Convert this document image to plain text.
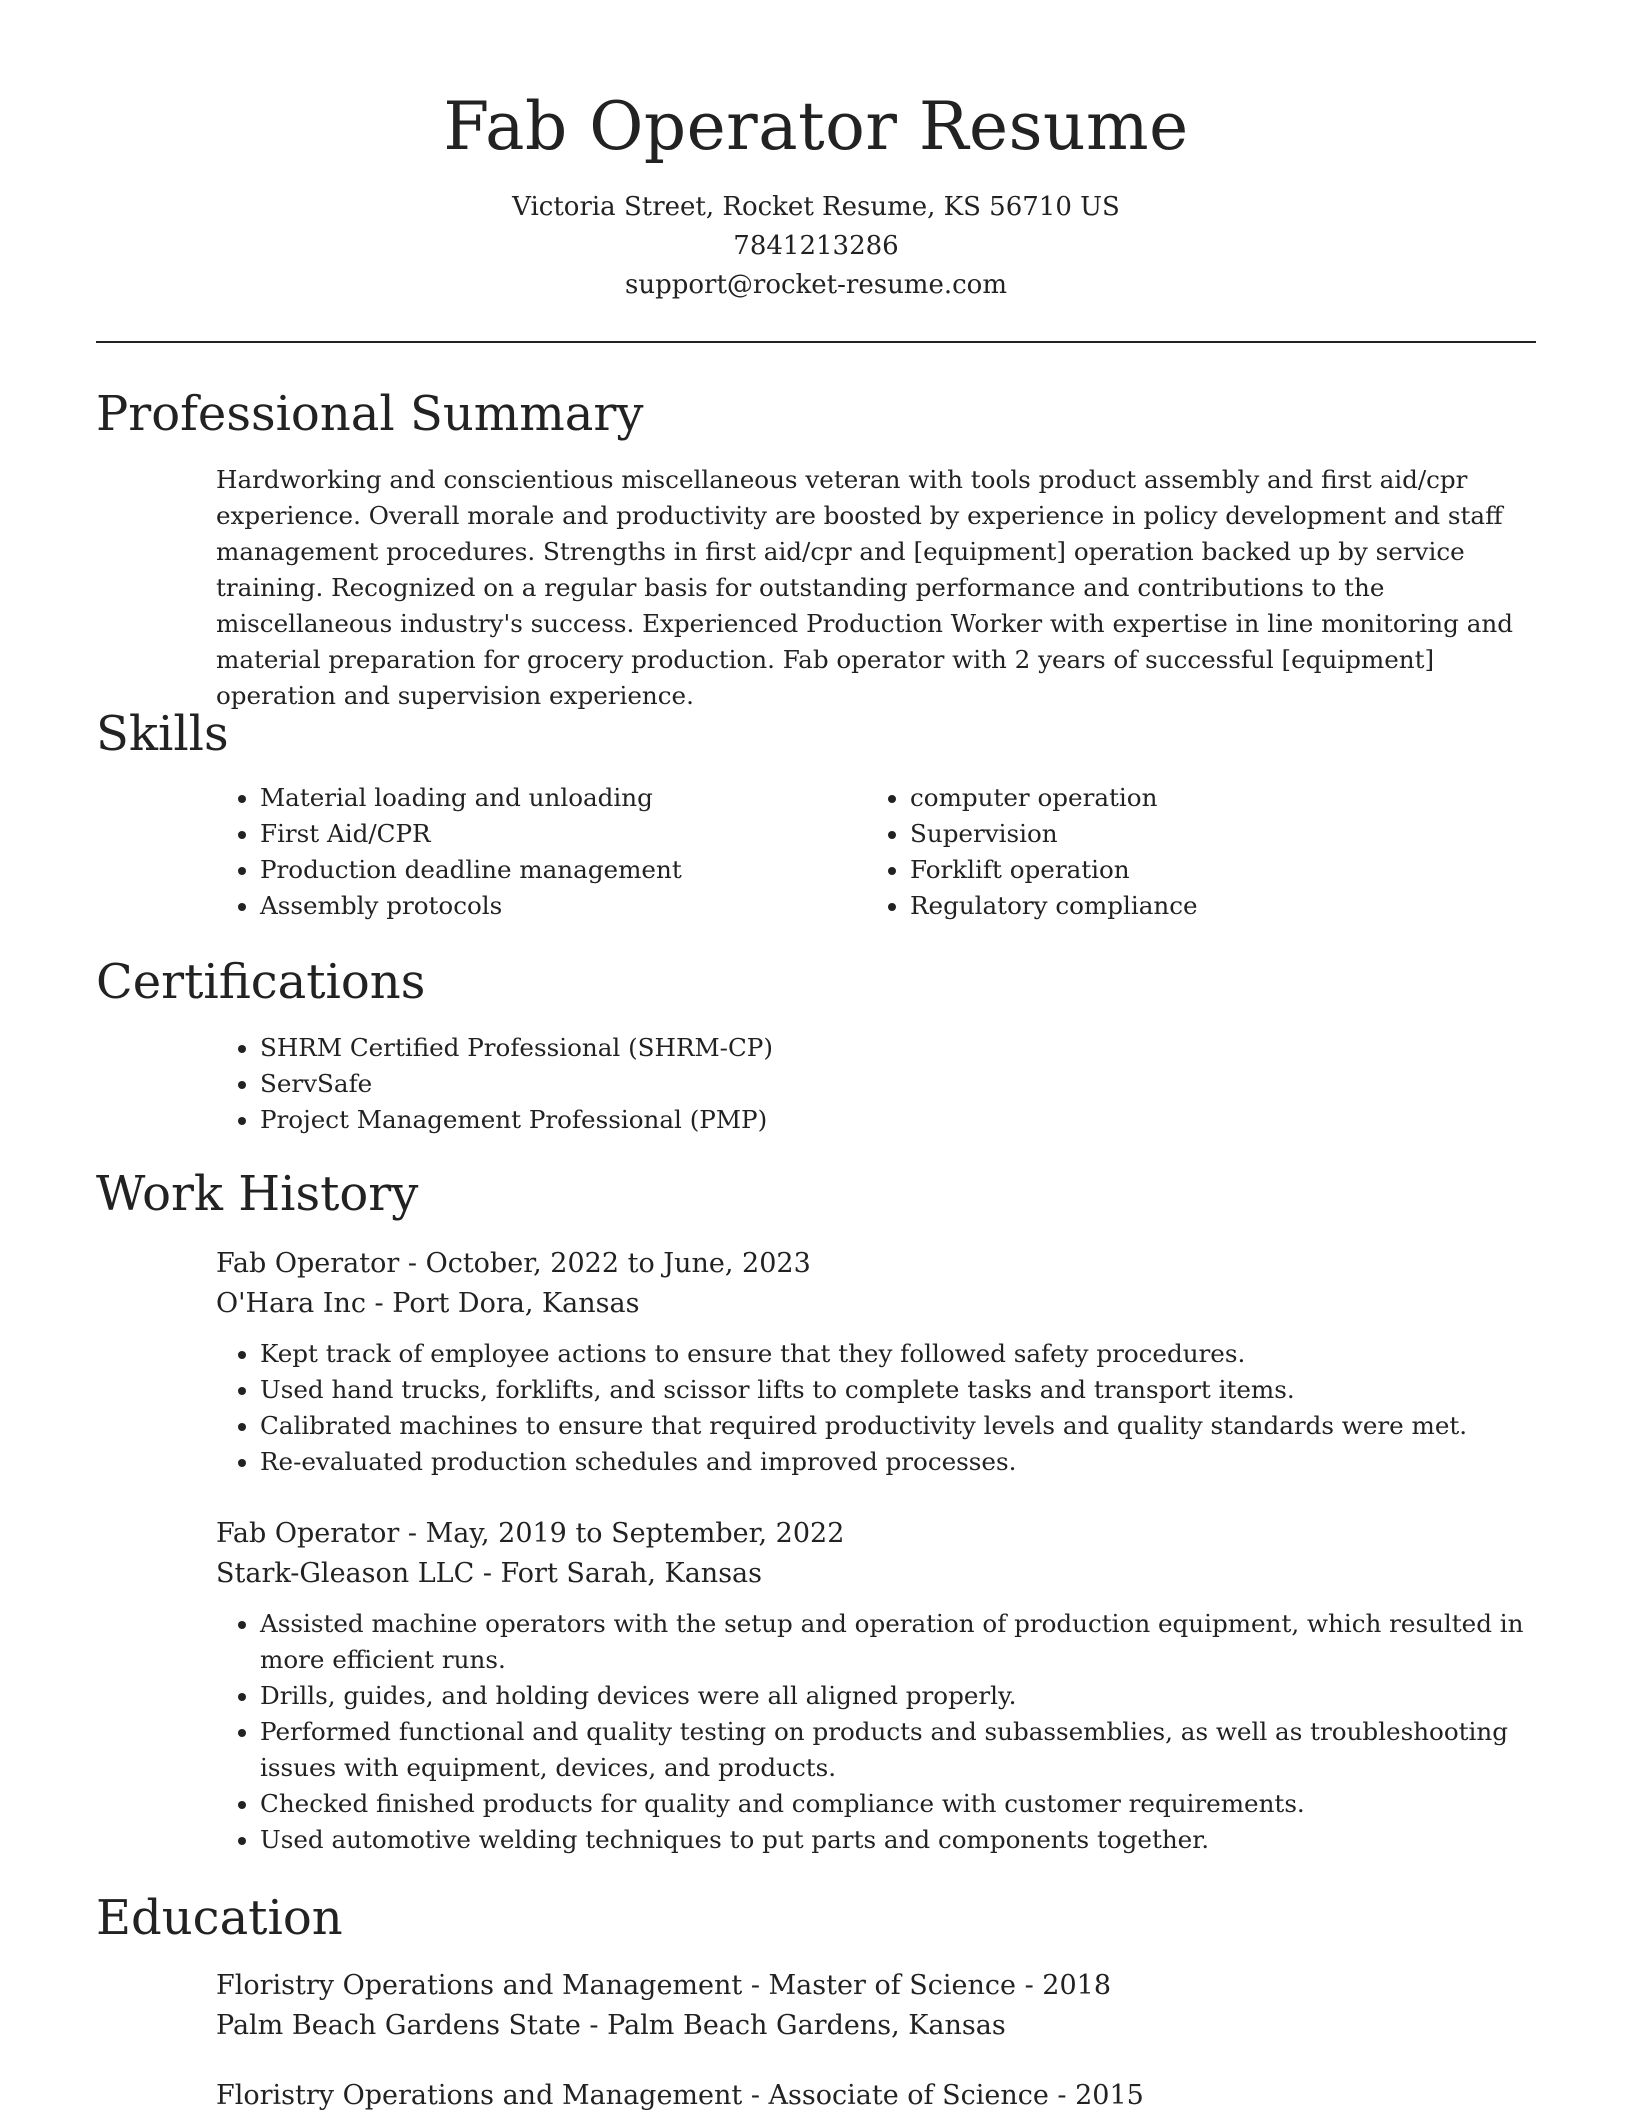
Fab Operator Resume
Victoria Street, Rocket Resume, KS 56710 US
7841213286
support@rocket-resume.com
Professional Summary

Hardworking and conscientious miscellaneous veteran with tools product assembly and first aid/cpr experience. Overall morale and productivity are boosted by experience in policy development and staff management procedures. Strengths in first aid/cpr and [equipment] operation backed up by service training. Recognized on a regular basis for outstanding performance and contributions to the miscellaneous industry's success. Experienced Production Worker with expertise in line monitoring and material preparation for grocery production. Fab operator with 2 years of successful [equipment] operation and supervision experience.

Skills
• Material loading and unloading
• First Aid/CPR
• Production deadline management
• Assembly protocols
• computer operation
• Supervision
• Forklift operation
• Regulatory compliance
Certifications
• SHRM Certified Professional (SHRM-CP)
• ServSafe
• Project Management Professional (PMP)
Work History
Fab Operator - October, 2022 to June, 2023
O'Hara Inc - Port Dora, Kansas
• Kept track of employee actions to ensure that they followed safety procedures.
• Used hand trucks, forklifts, and scissor lifts to complete tasks and transport items.
• Calibrated machines to ensure that required productivity levels and quality standards were met.
• Re-evaluated production schedules and improved processes.
Fab Operator - May, 2019 to September, 2022
Stark-Gleason LLC - Fort Sarah, Kansas
• Assisted machine operators with the setup and operation of production equipment, which resulted in more efficient runs.
• Drills, guides, and holding devices were all aligned properly.
• Performed functional and quality testing on products and subassemblies, as well as troubleshooting issues with equipment, devices, and products.
• Checked finished products for quality and compliance with customer requirements.
• Used automotive welding techniques to put parts and components together.
Education
Floristry Operations and Management - Master of Science - 2018
Palm Beach Gardens State - Palm Beach Gardens, Kansas
Floristry Operations and Management - Associate of Science - 2015
